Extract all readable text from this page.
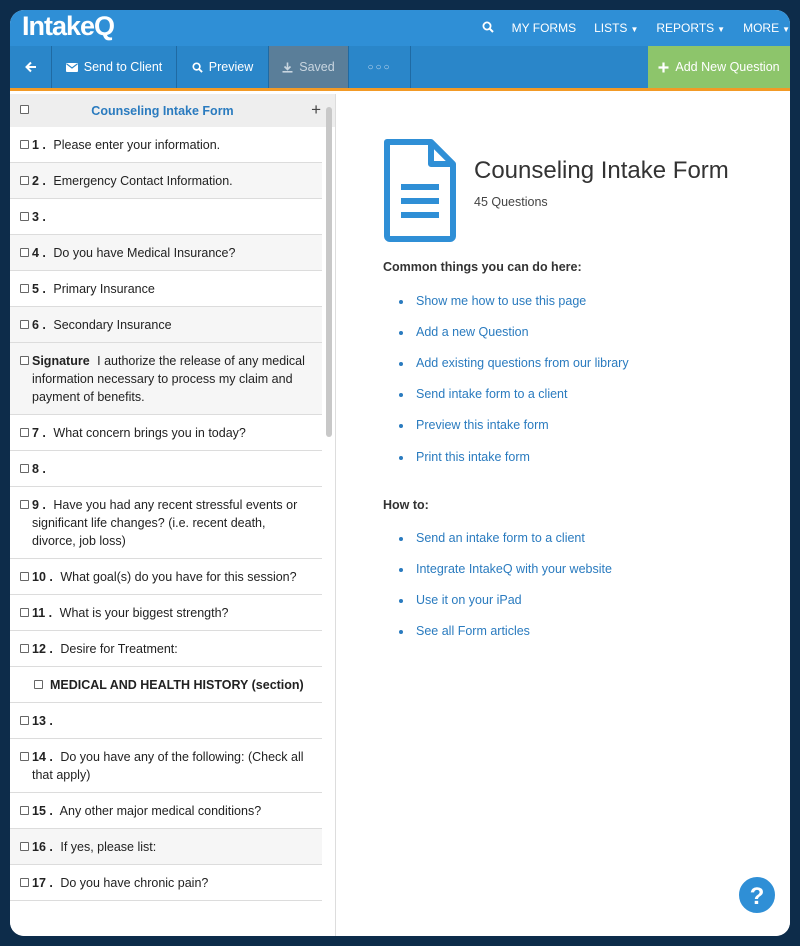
IntakeQ	MY FORMS LISTS ▼ REPORTS ▼ MORE ▼
Send to Client	Preview	Saved	○○○	Add New Question
Counseling Intake Form	+
1 . Please enter your information.
2 . Emergency Contact Information.
3 .
4 . Do you have Medical Insurance?
5 . Primary Insurance
6 . Secondary Insurance
Signature I authorize the release of any medical information necessary to process my claim and payment of benefits.
7 . What concern brings you in today?
8 .
9 . Have you had any recent stressful events or significant life changes? (i.e. recent death, divorce, job loss)
10 . What goal(s) do you have for this session?
11 . What is your biggest strength?
12 . Desire for Treatment:
MEDICAL AND HEALTH HISTORY (section)
13 .
14 . Do you have any of the following: (Check all that apply)
15 . Any other major medical conditions?
16 . If yes, please list:
17 . Do you have chronic pain?
Counseling Intake Form
45 Questions
Common things you can do here:
Show me how to use this page
Add a new Question
Add existing questions from our library
Send intake form to a client
Preview this intake form
Print this intake form
How to:
Send an intake form to a client
Integrate IntakeQ with your website
Use it on your iPad
See all Form articles
?
